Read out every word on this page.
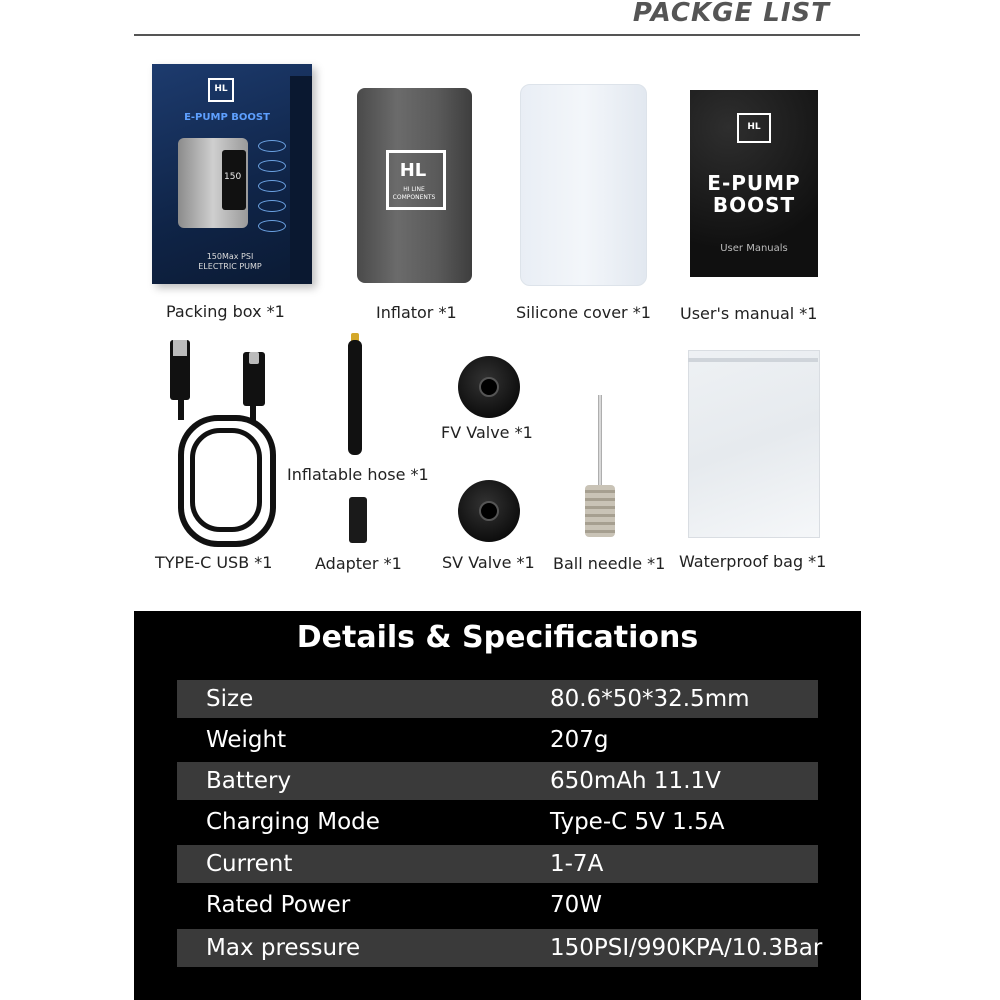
PACKGE LIST
HL
E-PUMP BOOST
150
150Max PSI
ELECTRIC PUMP
Packing box *1
HL
HI LINE COMPONENTS
Inflator *1	Silicone cover *1
HL
E-PUMP BOOST
User Manuals
User's manual *1
TYPE-C USB *1
Inflatable hose *1
Adapter *1
FV Valve *1
SV Valve *1 Ball needle *1 Waterproof bag *1
Details & Specifications
Size	80.6*50*32.5mm
Weight	207g
Battery	650mAh 11.1V
Charging Mode	Type-C 5V 1.5A
Current	1-7A
Rated Power	70W
Max pressure	150PSI/990KPA/10.3Bar
